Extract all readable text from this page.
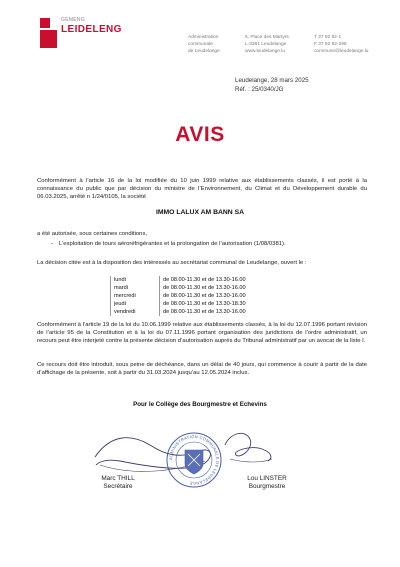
GEMENG
LEIDELENG
Administration
communale
de Leudelange
5, Place des Martyrs
L-3361 Leudelange
www.leudelange.lu
T 37 92 92-1
F 37 92 92-299
commune@leudelange.lu
Leudelange, 28 mars 2025
Réf. : 25/0340/JG
AVIS
Conformément à l’article 16 de la loi modifiée du 10 juin 1999 relative aux établissements classés, il est porté à la connaissance du public que par décision du ministre de l’Environnement, du Climat et du Développement durable du 06.03.2025, arrêté n 1/24/0105, la société
IMMO LALUX AM BANN SA
a été autorisée, sous certaines conditions,
- L’exploitation de tours aéroréfrigérantes et la prolongation de l’autorisation (1/08/0381).
La décision citée est à la disposition des intéressés au secrétariat communal de Leudelange, ouvert le :
lundi	de 08.00-11.30 et de 13.30-16.00
mardi	de 08.00-11.30 et de 13.30-16.00
mercredi	de 08.00-11.30 et de 13.30-16.00
jeudi	de 08.00-11.30 et de 13.30-18.30
vendredi	de 08.00-11.30 et de 13.30-16.00
Conformément à l’article 19 de la loi du 10.06.1999 relative aux établissements classés, à la loi du 12.07.1996 portant révision de l’article 95 de la Constitution et à la loi du 07.11.1996 portant organisation des juridictions de l’ordre administratif, un recours peut être interjeté contre la présente décision d’autorisation auprès du Tribunal administratif par un avocat de la liste I.
Ce recours doit être introduit, sous peine de déchéance, dans un délai de 40 jours, qui commence à courir à partir de la date d’affichage de la présente, soit à partir du 31.03.2024 jusqu’au 12.05.2024 inclus.
Pour le Collège des Bourgmestre et Echevins
ADMINISTRATION COMMUNALE DE LEUDELANGE
Marc THILL
Secrétaire
Lou LINSTER
Bourgmestre
